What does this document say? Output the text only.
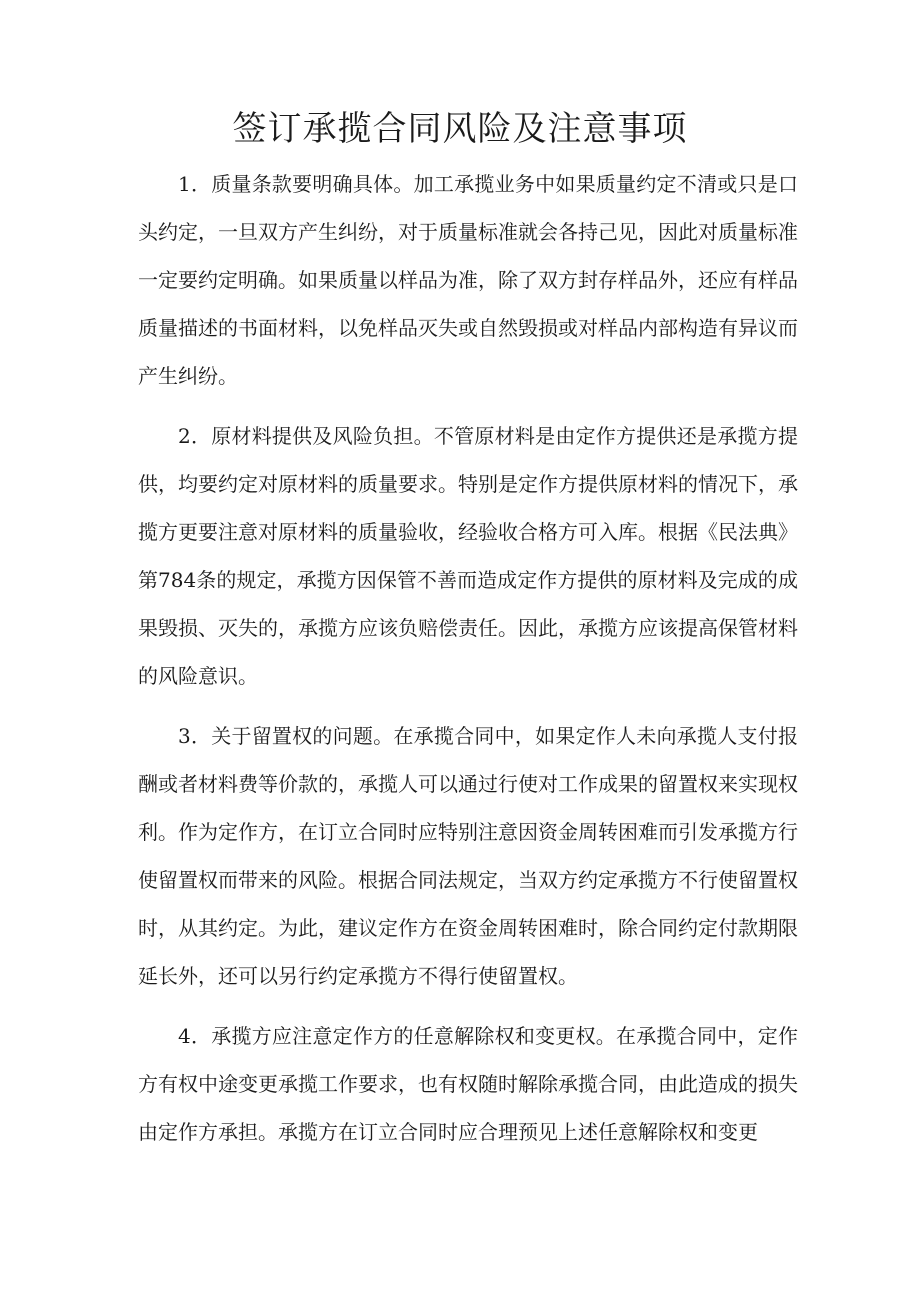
签订承揽合同风险及注意事项

1．质量条款要明确具体。加工承揽业务中如果质量约定不清或只是口头约定，一旦双方产生纠纷，对于质量标准就会各持己见，因此对质量标准一定要约定明确。如果质量以样品为准，除了双方封存样品外，还应有样品质量描述的书面材料，以免样品灭失或自然毁损或对样品内部构造有异议而产生纠纷。

2．原材料提供及风险负担。不管原材料是由定作方提供还是承揽方提供，均要约定对原材料的质量要求。特别是定作方提供原材料的情况下，承揽方更要注意对原材料的质量验收，经验收合格方可入库。根据《民法典》第784条的规定，承揽方因保管不善而造成定作方提供的原材料及完成的成果毁损、灭失的，承揽方应该负赔偿责任。因此，承揽方应该提高保管材料的风险意识。

3．关于留置权的问题。在承揽合同中，如果定作人未向承揽人支付报酬或者材料费等价款的，承揽人可以通过行使对工作成果的留置权来实现权利。作为定作方，在订立合同时应特别注意因资金周转困难而引发承揽方行使留置权而带来的风险。根据合同法规定，当双方约定承揽方不行使留置权时，从其约定。为此，建议定作方在资金周转困难时，除合同约定付款期限延长外，还可以另行约定承揽方不得行使留置权。

4．承揽方应注意定作方的任意解除权和变更权。在承揽合同中，定作方有权中途变更承揽工作要求，也有权随时解除承揽合同，由此造成的损失由定作方承担。承揽方在订立合同时应合理预见上述任意解除权和变更
